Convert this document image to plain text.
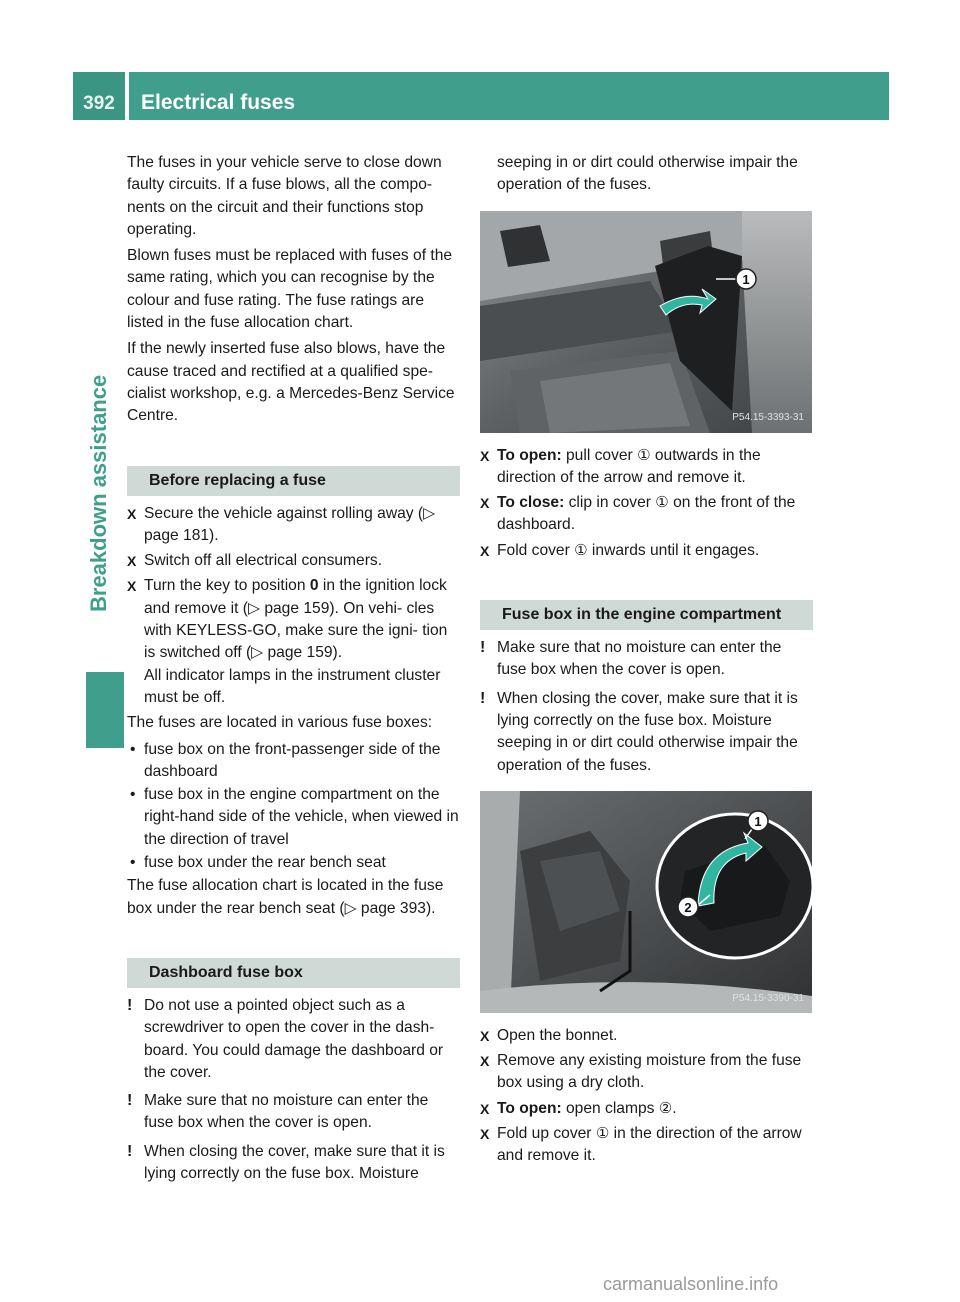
392	Electrical fuses
Breakdown assistance

The fuses in your vehicle serve to close down faulty circuits. If a fuse blows, all the compo- nents on the circuit and their functions stop operating.

Blown fuses must be replaced with fuses of the same rating, which you can recognise by the colour and fuse rating. The fuse ratings are listed in the fuse allocation chart.

If the newly inserted fuse also blows, have the cause traced and rectified at a qualified spe- cialist workshop, e.g. a Mercedes-Benz Service Centre.

Before replacing a fuse
X Secure the vehicle against rolling away (▷ page 181).
X Switch off all electrical consumers.
X Turn the key to position 0 in the ignition lock and remove it (▷ page 159). On vehi- cles with KEYLESS-GO, make sure the igni- tion is switched off (▷ page 159).
All indicator lamps in the instrument cluster must be off.

The fuses are located in various fuse boxes:

• fuse box on the front-passenger side of the dashboard
• fuse box in the engine compartment on the right-hand side of the vehicle, when viewed in the direction of travel
• fuse box under the rear bench seat

The fuse allocation chart is located in the fuse box under the rear bench seat (▷ page 393).

Dashboard fuse box
! Do not use a pointed object such as a screwdriver to open the cover in the dash- board. You could damage the dashboard or the cover.
! Make sure that no moisture can enter the fuse box when the cover is open.
! When closing the cover, make sure that it is lying correctly on the fuse box. Moisture

seeping in or dirt could otherwise impair the operation of the fuses.

1
P54.15-3393-31
X To open: pull cover ① outwards in the direction of the arrow and remove it.
X To close: clip in cover ① on the front of the dashboard.
X Fold cover ① inwards until it engages.
Fuse box in the engine compartment
! Make sure that no moisture can enter the fuse box when the cover is open.
! When closing the cover, make sure that it is lying correctly on the fuse box. Moisture seeping in or dirt could otherwise impair the operation of the fuses.
1
2
P54.15-3390-31
X Open the bonnet.
X Remove any existing moisture from the fuse box using a dry cloth.
X To open: open clamps ②.
X Fold up cover ① in the direction of the arrow and remove it.
carmanualsonline.info
